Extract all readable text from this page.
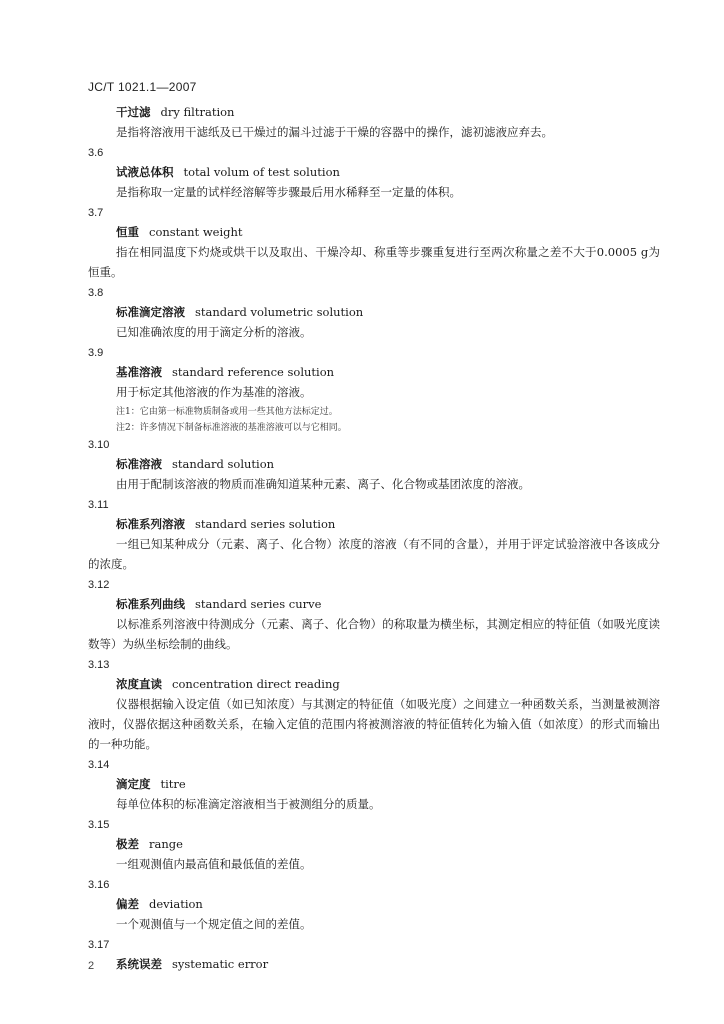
JC/T 1021.1—2007
干过滤 dry filtration
是指将溶液用干滤纸及已干燥过的漏斗过滤于干燥的容器中的操作，滤初滤液应弃去。
3.6
试液总体积 total volum of test solution
是指称取一定量的试样经溶解等步骤最后用水稀释至一定量的体积。
3.7
恒重 constant weight
指在相同温度下灼烧或烘干以及取出、干燥冷却、称重等步骤重复进行至两次称量之差不大于0.0005 g为恒重。
3.8
标准滴定溶液 standard volumetric solution
已知准确浓度的用于滴定分析的溶液。
3.9
基准溶液 standard reference solution
用于标定其他溶液的作为基准的溶液。
注1：它由第一标准物质制备或用一些其他方法标定过。
注2：许多情况下制备标准溶液的基准溶液可以与它相同。
3.10
标准溶液 standard solution
由用于配制该溶液的物质而准确知道某种元素、离子、化合物或基团浓度的溶液。
3.11
标准系列溶液 standard series solution
一组已知某种成分（元素、离子、化合物）浓度的溶液（有不同的含量），并用于评定试验溶液中各该成分的浓度。
3.12
标准系列曲线 standard series curve
以标准系列溶液中待测成分（元素、离子、化合物）的称取量为横坐标，其测定相应的特征值（如吸光度读数等）为纵坐标绘制的曲线。
3.13
浓度直读 concentration direct reading
仪器根据输入设定值（如已知浓度）与其测定的特征值（如吸光度）之间建立一种函数关系，当测量被测溶液时，仪器依据这种函数关系，在输入定值的范围内将被测溶液的特征值转化为输入值（如浓度）的形式而输出的一种功能。
3.14
滴定度 titre
每单位体积的标准滴定溶液相当于被测组分的质量。
3.15
极差 range
一组观测值内最高值和最低值的差值。
3.16
偏差 deviation
一个观测值与一个规定值之间的差值。
3.17
系统误差 systematic error
2
